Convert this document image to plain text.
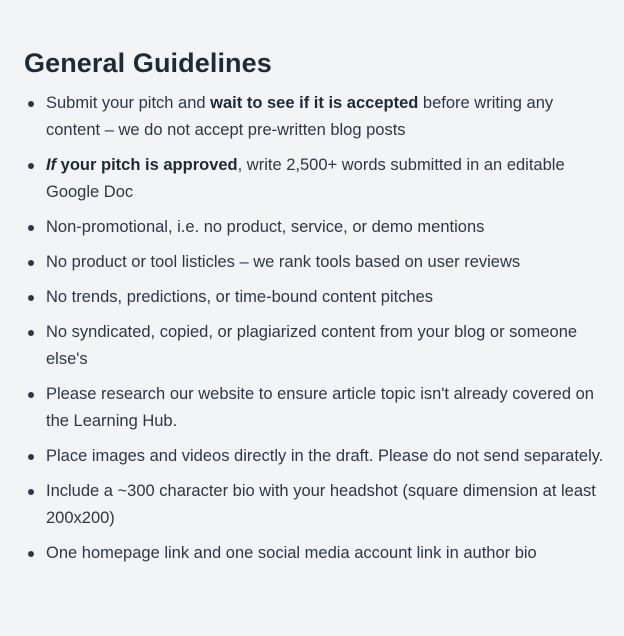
General Guidelines
Submit your pitch and wait to see if it is accepted before writing any content – we do not accept pre-written blog posts
If your pitch is approved, write 2,500+ words submitted in an editable Google Doc
Non-promotional, i.e. no product, service, or demo mentions
No product or tool listicles – we rank tools based on user reviews
No trends, predictions, or time-bound content pitches
No syndicated, copied, or plagiarized content from your blog or someone else's
Please research our website to ensure article topic isn't already covered on the Learning Hub.
Place images and videos directly in the draft. Please do not send separately.
Include a ~300 character bio with your headshot (square dimension at least 200x200)
One homepage link and one social media account link in author bio
